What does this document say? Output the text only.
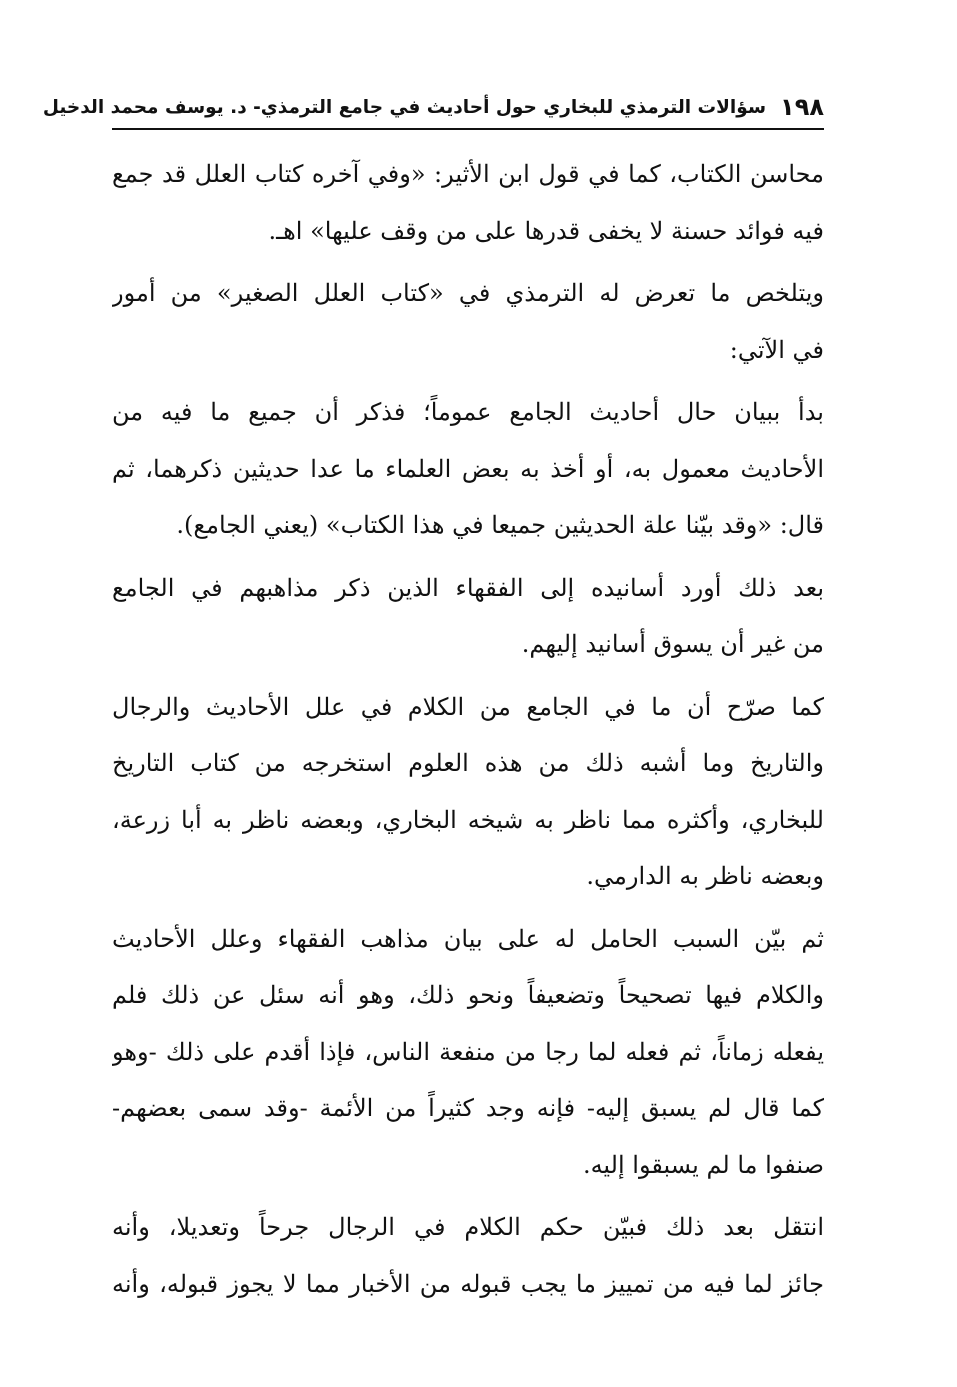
١٩٨
سؤالات الترمذي للبخاري حول أحاديث في جامع الترمذي- د. يوسف محمد الدخيل
محاسن الكتاب، كما في قول ابن الأثير: «وفي آخره كتاب العلل قد جمع
فيه فوائد حسنة لا يخفى قدرها على من وقف عليها» اهـ.
ويتلخص ما تعرض له الترمذي في «كتاب العلل الصغير» من أمور
في الآتي:
بدأ ببيان حال أحاديث الجامع عموماً؛ فذكر أن جميع ما فيه من
الأحاديث معمول به، أو أخذ به بعض العلماء ما عدا حديثين ذكرهما، ثم
قال: «وقد بيّنا علة الحديثين جميعا في هذا الكتاب» (يعني الجامع).
بعد ذلك أورد أسانيده إلى الفقهاء الذين ذكر مذاهبهم في الجامع
من غير أن يسوق أسانيد إليهم.
كما صرّح أن ما في الجامع من الكلام في علل الأحاديث والرجال
والتاريخ وما أشبه ذلك من هذه العلوم استخرجه من كتاب التاريخ
للبخاري، وأكثره مما ناظر به شيخه البخاري، وبعضه ناظر به أبا زرعة،
وبعضه ناظر به الدارمي.
ثم بيّن السبب الحامل له على بيان مذاهب الفقهاء وعلل الأحاديث
والكلام فيها تصحيحاً وتضعيفاً ونحو ذلك، وهو أنه سئل عن ذلك فلم
يفعله زماناً، ثم فعله لما رجا من منفعة الناس، فإذا أقدم على ذلك -وهو
كما قال لم يسبق إليه- فإنه وجد كثيراً من الأئمة -وقد سمى بعضهم-
صنفوا ما لم يسبقوا إليه.
انتقل بعد ذلك فبيّن حكم الكلام في الرجال جرحاً وتعديلا، وأنه
جائز لما فيه من تمييز ما يجب قبوله من الأخبار مما لا يجوز قبوله، وأنه
